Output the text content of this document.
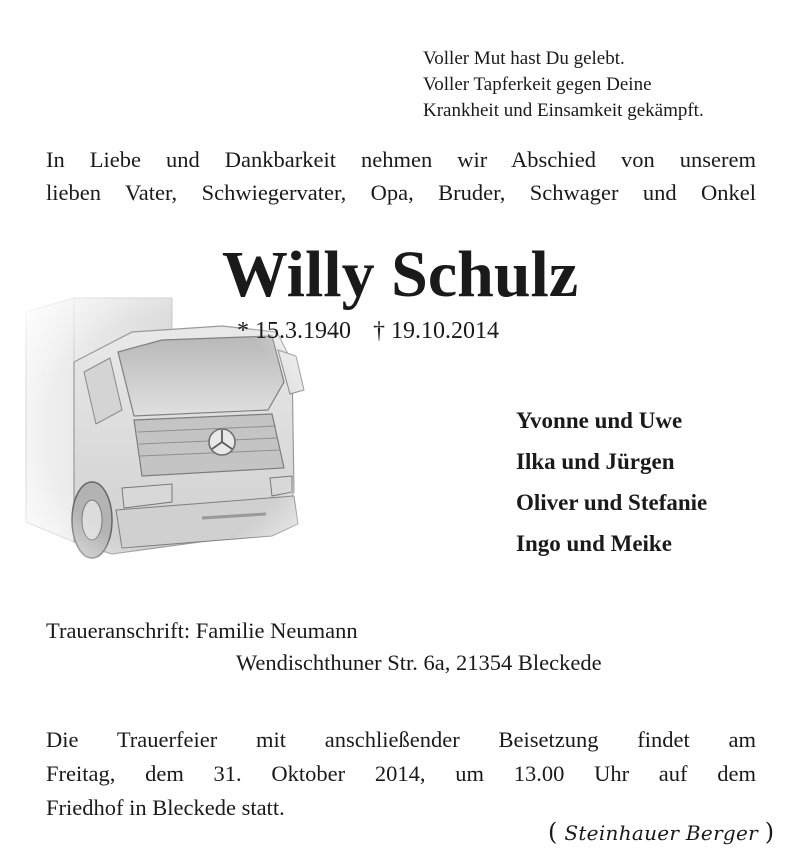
Voller Mut hast Du gelebt.
Voller Tapferkeit gegen Deine
Krankheit und Einsamkeit gekämpft.
In Liebe und Dankbarkeit nehmen wir Abschied von unserem
lieben Vater, Schwiegervater, Opa, Bruder, Schwager und Onkel
Willy Schulz
* 15.3.1940 † 19.10.2014
Yvonne und Uwe
Ilka und Jürgen
Oliver und Stefanie
Ingo und Meike
Traueranschrift: Familie Neumann
Wendischthuner Str. 6a, 21354 Bleckede
Die Trauerfeier mit anschließender Beisetzung findet am
Freitag, dem 31. Oktober 2014, um 13.00 Uhr auf dem
Friedhof in Bleckede statt.
( Steinhauer Berger )
